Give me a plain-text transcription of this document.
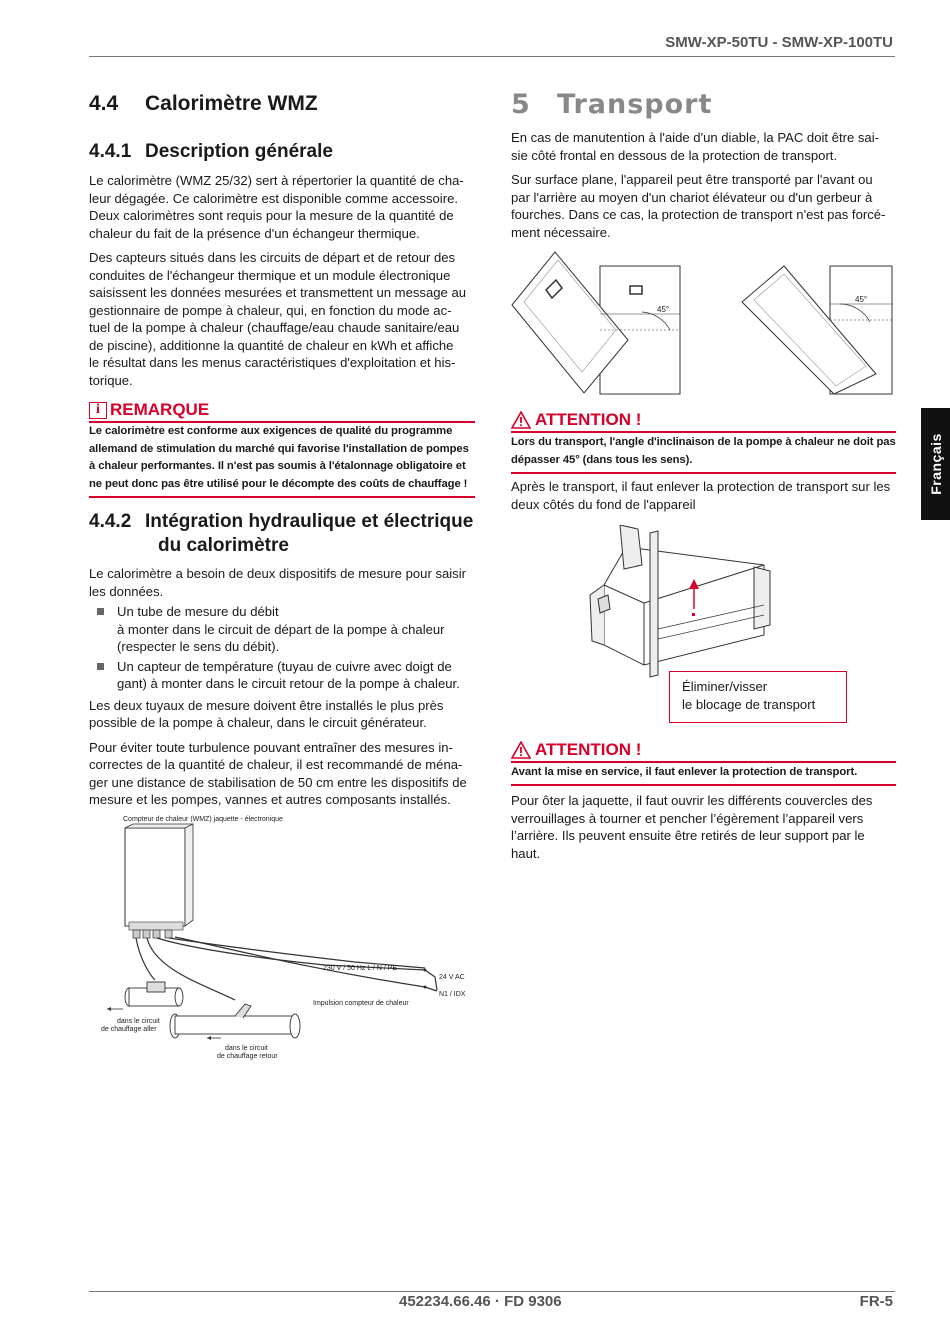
SMW-XP-50TU - SMW-XP-100TU
4.4 Calorimètre WMZ
4.4.1 Description générale
Le calorimètre (WMZ 25/32) sert à répertorier la quantité de cha-
leur dégagée. Ce calorimètre est disponible comme accessoire.
Deux calorimètres sont requis pour la mesure de la quantité de
chaleur du fait de la présence d'un échangeur thermique.
Des capteurs situés dans les circuits de départ et de retour des
conduites de l'échangeur thermique et un module électronique
saisissent les données mesurées et transmettent un message au
gestionnaire de pompe à chaleur, qui, en fonction du mode ac-
tuel de la pompe à chaleur (chauffage/eau chaude sanitaire/eau
de piscine), additionne la quantité de chaleur en kWh et affiche
le résultat dans les menus caractéristiques d'exploitation et his-
torique.
i REMARQUE
Le calorimètre est conforme aux exigences de qualité du programme
allemand de stimulation du marché qui favorise l'installation de pompes
à chaleur performantes. Il n'est pas soumis à l'étalonnage obligatoire et
ne peut donc pas être utilisé pour le décompte des coûts de chauffage !
4.4.2 Intégration hydraulique et électrique
du calorimètre
Le calorimètre a besoin de deux dispositifs de mesure pour saisir
les données.
Un tube de mesure du débit
à monter dans le circuit de départ de la pompe à chaleur
(respecter le sens du débit).
Un capteur de température (tuyau de cuivre avec doigt de
gant) à monter dans le circuit retour de la pompe à chaleur.
Les deux tuyaux de mesure doivent être installés le plus près
possible de la pompe à chaleur, dans le circuit générateur.
Pour éviter toute turbulence pouvant entraîner des mesures in-
correctes de la quantité de chaleur, il est recommandé de ména-
ger une distance de stabilisation de 50 cm entre les dispositifs de
mesure et les pompes, vannes et autres composants installés.
Compteur de chaleur (WMZ) jaquette - électronique
230 V / 50 Hz L / N / PE
24 V AC
N1 / IDX
Impulsion compteur de chaleur
dans le circuit
de chauffage aller
dans le circuit
de chauffage retour
5 Transport
En cas de manutention à l'aide d'un diable, la PAC doit être sai-
sie côté frontal en dessous de la protection de transport.
Sur surface plane, l'appareil peut être transporté par l'avant ou
par l'arrière au moyen d'un chariot élévateur ou d'un gerbeur à
fourches. Dans ce cas, la protection de transport n'est pas forcé-
ment nécessaire.
45°
45°
ATTENTION !
Lors du transport, l'angle d'inclinaison de la pompe à chaleur ne doit pas
dépasser 45° (dans tous les sens).
Après le transport, il faut enlever la protection de transport sur les
deux côtés du fond de l'appareil
Éliminer/visser
le blocage de transport
ATTENTION !
Avant la mise en service, il faut enlever la protection de transport.
Pour ôter la jaquette, il faut ouvrir les différents couvercles des
verrouillages à tourner et pencher l’égèrement l’appareil vers
l’arrière. Ils peuvent ensuite être retirés de leur support par le
haut.
Français
452234.66.46 · FD 9306	FR-5
